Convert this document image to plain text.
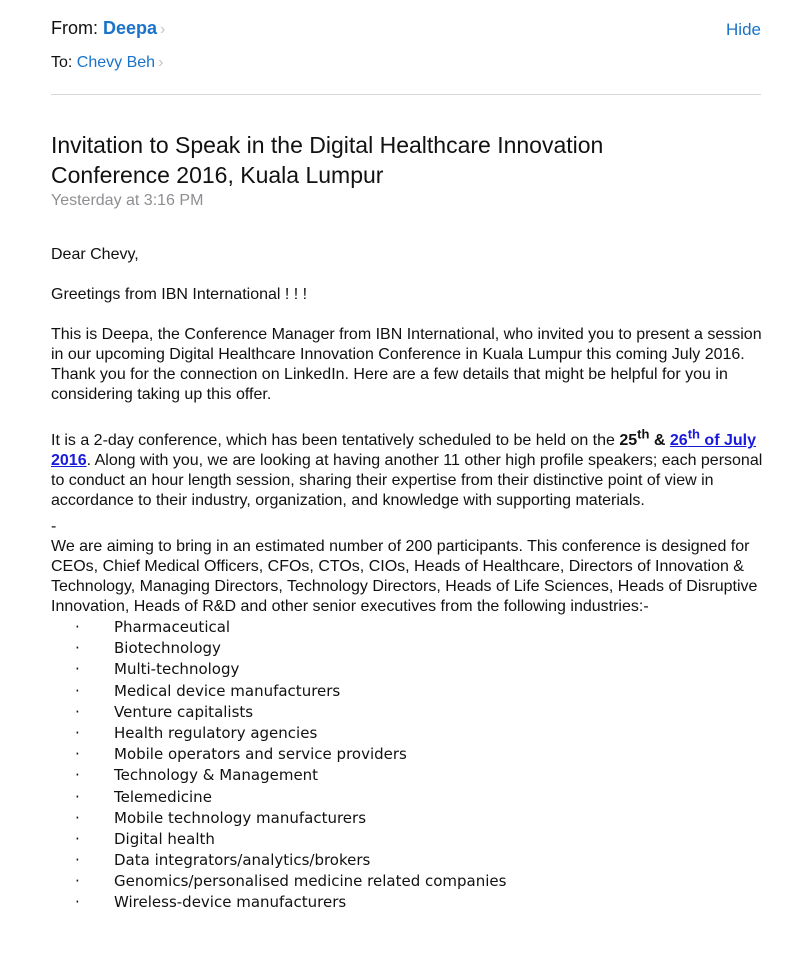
From: Deepa ›	Hide
To: Chevy Beh ›
Invitation to Speak in the Digital Healthcare Innovation Conference 2016, Kuala Lumpur
Yesterday at 3:16 PM

Dear Chevy,

Greetings from IBN International ! ! !

This is Deepa, the Conference Manager from IBN International, who invited you to present a session in our upcoming Digital Healthcare Innovation Conference in Kuala Lumpur this coming July 2016. Thank you for the connection on LinkedIn. Here are a few details that might be helpful for you in considering taking up this offer.

It is a 2-day conference, which has been tentatively scheduled to be held on the 25th & 26th of July 2016. Along with you, we are looking at having another 11 other high profile speakers; each personal to conduct an hour length session, sharing their expertise from their distinctive point of view in accordance to their industry, organization, and knowledge with supporting materials.

-

We are aiming to bring in an estimated number of 200 participants. This conference is designed for CEOs, Chief Medical Officers, CFOs, CTOs, CIOs, Heads of Healthcare, Directors of Innovation & Technology, Managing Directors, Technology Directors, Heads of Life Sciences, Heads of Disruptive Innovation, Heads of R&D and other senior executives from the following industries:-

· Pharmaceutical
· Biotechnology
· Multi-technology
· Medical device manufacturers
· Venture capitalists
· Health regulatory agencies
· Mobile operators and service providers
· Technology & Management
· Telemedicine
· Mobile technology manufacturers
· Digital health
· Data integrators/analytics/brokers
· Genomics/personalised medicine related companies
· Wireless-device manufacturers
